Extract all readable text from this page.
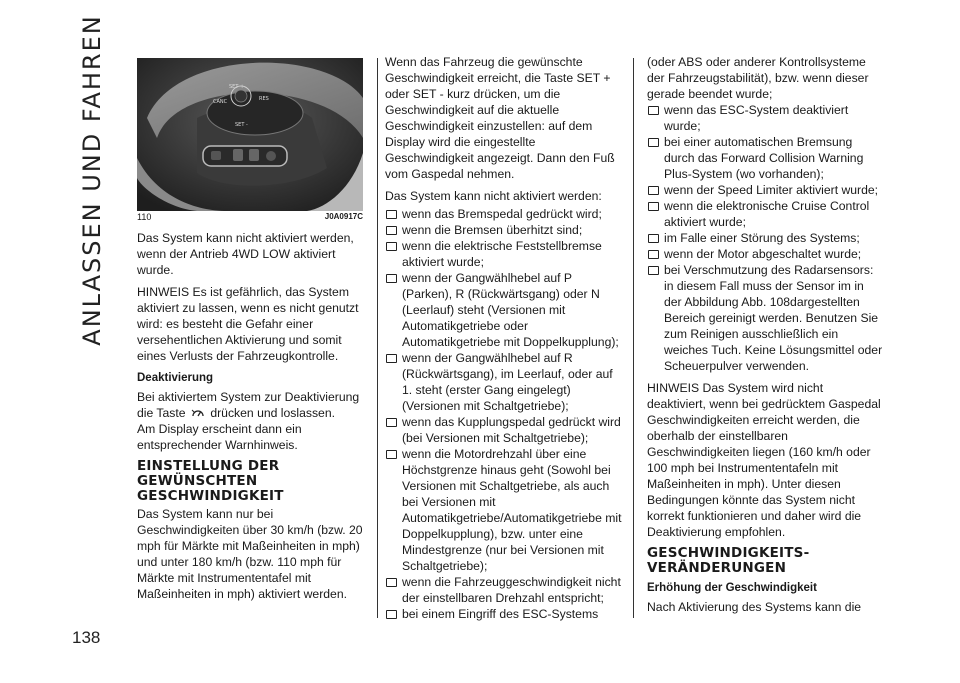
ANLASSEN UND FAHREN
138
CANC	RES
SET +
SET -
110	J0A0917C

Das System kann nicht aktiviert werden, wenn der Antrieb 4WD LOW aktiviert wurde.

HINWEIS Es ist gefährlich, das System aktiviert zu lassen, wenn es nicht genutzt wird: es besteht die Gefahr einer versehentlichen Aktivierung und somit eines Verlusts der Fahrzeugkontrolle.

Deaktivierung

Bei aktiviertem System zur Deaktivierung die Taste drücken und loslassen.

Am Display erscheint dann ein entsprechender Warnhinweis.

EINSTELLUNG DER GEWÜNSCHTEN GESCHWINDIGKEIT

Das System kann nur bei Geschwindigkeiten über 30 km/h (bzw. 20 mph für Märkte mit Maßeinheiten in mph) und unter 180 km/h (bzw. 110 mph für Märkte mit Instrumententafel mit Maßeinheiten in mph) aktiviert werden.

Wenn das Fahrzeug die gewünschte Geschwindigkeit erreicht, die Taste SET + oder SET - kurz drücken, um die Geschwindigkeit auf die aktuelle Geschwindigkeit einzustellen: auf dem Display wird die eingestellte Geschwindigkeit angezeigt. Dann den Fuß vom Gaspedal nehmen.

Das System kann nicht aktiviert werden:

wenn das Bremspedal gedrückt wird;
wenn die Bremsen überhitzt sind;
wenn die elektrische Feststellbremse aktiviert wurde;
wenn der Gangwählhebel auf P (Parken), R (Rückwärtsgang) oder N (Leerlauf) steht (Versionen mit Automatikgetriebe oder Automatikgetriebe mit Doppelkupplung);
wenn der Gangwählhebel auf R (Rückwärtsgang), im Leerlauf, oder auf 1. steht (erster Gang eingelegt) (Versionen mit Schaltgetriebe);
wenn das Kupplungspedal gedrückt wird (bei Versionen mit Schaltgetriebe);
wenn die Motordrehzahl über eine Höchstgrenze hinaus geht (Sowohl bei Versionen mit Schaltgetriebe, als auch bei Versionen mit Automatikgetriebe/Automatikgetriebe mit Doppelkupplung), bzw. unter eine Mindestgrenze (nur bei Versionen mit Schaltgetriebe);
wenn die Fahrzeuggeschwindigkeit nicht der einstellbaren Drehzahl entspricht;
bei einem Eingriff des ESC-Systems

(oder ABS oder anderer Kontrollsysteme der Fahrzeugstabilität), bzw. wenn dieser gerade beendet wurde;

wenn das ESC-System deaktiviert wurde;
bei einer automatischen Bremsung durch das Forward Collision Warning Plus-System (wo vorhanden);
wenn der Speed Limiter aktiviert wurde;
wenn die elektronische Cruise Control aktiviert wurde;
im Falle einer Störung des Systems;
wenn der Motor abgeschaltet wurde;
bei Verschmutzung des Radarsensors: in diesem Fall muss der Sensor im in der Abbildung Abb. 108dargestellten Bereich gereinigt werden. Benutzen Sie zum Reinigen ausschließlich ein weiches Tuch. Keine Lösungsmittel oder Scheuerpulver verwenden.

HINWEIS Das System wird nicht deaktiviert, wenn bei gedrücktem Gaspedal Geschwindigkeiten erreicht werden, die oberhalb der einstellbaren Geschwindigkeiten liegen (160 km/h oder 100 mph bei Instrumententafeln mit Maßeinheiten in mph). Unter diesen Bedingungen könnte das System nicht korrekt funktionieren und daher wird die Deaktivierung empfohlen.

GESCHWINDIGKEITS-VERÄNDERUNGEN
Erhöhung der Geschwindigkeit

Nach Aktivierung des Systems kann die
